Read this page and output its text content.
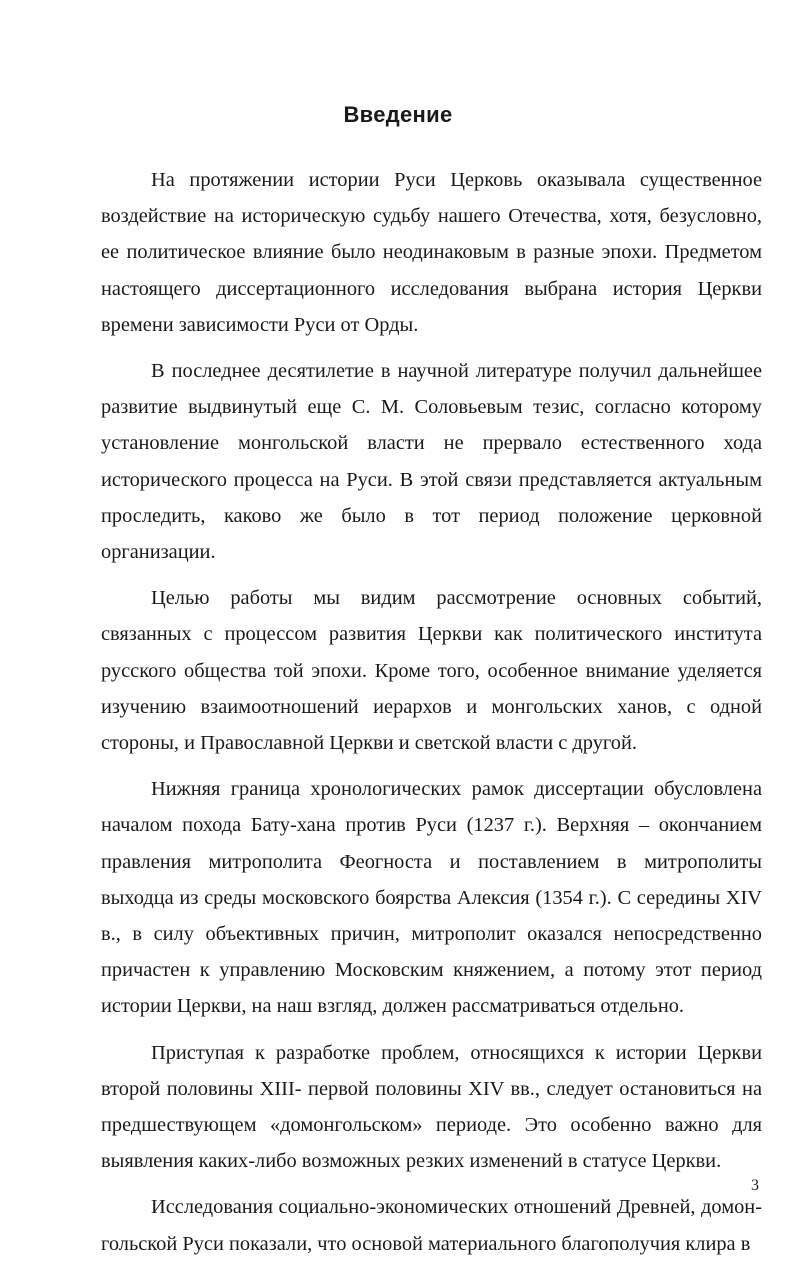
Введение

На протяжении истории Руси Церковь оказывала существенное воздействие на историческую судьбу нашего Отечества, хотя, безусловно, ее политическое влияние было неодинаковым в разные эпохи. Предметом настоящего диссертационного исследования выбрана история Церкви времени зависимости Руси от Орды.

В последнее десятилетие в научной литературе получил дальнейшее развитие выдвинутый еще С. М. Соловьевым тезис, согласно которому установление монгольской власти не прервало естественного хода исторического процесса на Руси. В этой связи представляется актуальным проследить, каково же было в тот период положение церковной организации.

Целью работы мы видим рассмотрение основных событий, связанных с процессом развития Церкви как политического института русского общества той эпохи. Кроме того, особенное внимание уделяется изучению взаимоотношений иерархов и монгольских ханов, с одной стороны, и Православной Церкви и светской власти с другой.

Нижняя граница хронологических рамок диссертации обусловлена началом похода Бату-хана против Руси (1237 г.). Верхняя – окончанием правления митрополита Феогноста и поставлением в митрополиты выходца из среды московского боярства Алексия (1354 г.). С середины XIV в., в силу объективных причин, митрополит оказался непосредственно причастен к управлению Московским княжением, а потому этот период истории Церкви, на наш взгляд, должен рассматриваться отдельно.

Приступая к разработке проблем, относящихся к истории Церкви второй половины XIII- первой половины XIV вв., следует остановиться на предшествующем «домонгольском» периоде. Это особенно важно для выявления каких-либо возможных резких изменений в статусе Церкви.

Исследования социально-экономических отношений Древней, домонгольской Руси показали, что основой материального благополучия клира в

3
